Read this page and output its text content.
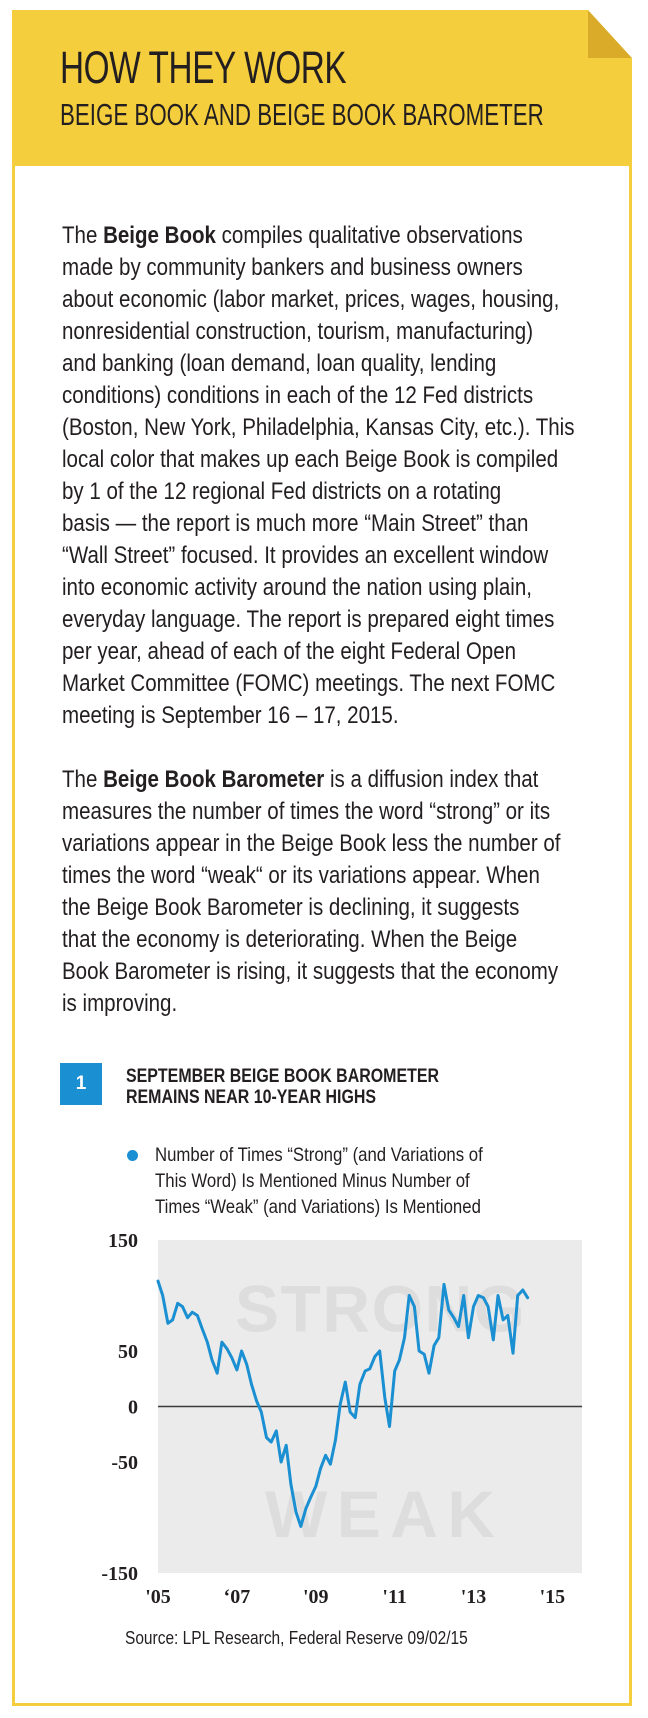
HOW THEY WORK
BEIGE BOOK AND BEIGE BOOK BAROMETER
The Beige Book compiles qualitative observations
made by community bankers and business owners
about economic (labor market, prices, wages, housing,
nonresidential construction, tourism, manufacturing)
and banking (loan demand, loan quality, lending
conditions) conditions in each of the 12 Fed districts
(Boston, New York, Philadelphia, Kansas City, etc.). This
local color that makes up each Beige Book is compiled
by 1 of the 12 regional Fed districts on a rotating
basis — the report is much more “Main Street” than
“Wall Street” focused. It provides an excellent window
into economic activity around the nation using plain,
everyday language. The report is prepared eight times
per year, ahead of each of the eight Federal Open
Market Committee (FOMC) meetings. The next FOMC
meeting is September 16 – 17, 2015.
The Beige Book Barometer is a diffusion index that
measures the number of times the word “strong” or its
variations appear in the Beige Book less the number of
times the word “weak“ or its variations appear. When
the Beige Book Barometer is declining, it suggests
that the economy is deteriorating. When the Beige
Book Barometer is rising, it suggests that the economy
is improving.
1	SEPTEMBER BEIGE BOOK BAROMETER
REMAINS NEAR 10-YEAR HIGHS
Number of Times “Strong” (and Variations of
This Word) Is Mentioned Minus Number of
Times “Weak” (and Variations) Is Mentioned
STRONG
WEAK
150
50
0
-50
-150
'05	‘07	'09	'11	'13	'15
Source: LPL Research, Federal Reserve 09/02/15
